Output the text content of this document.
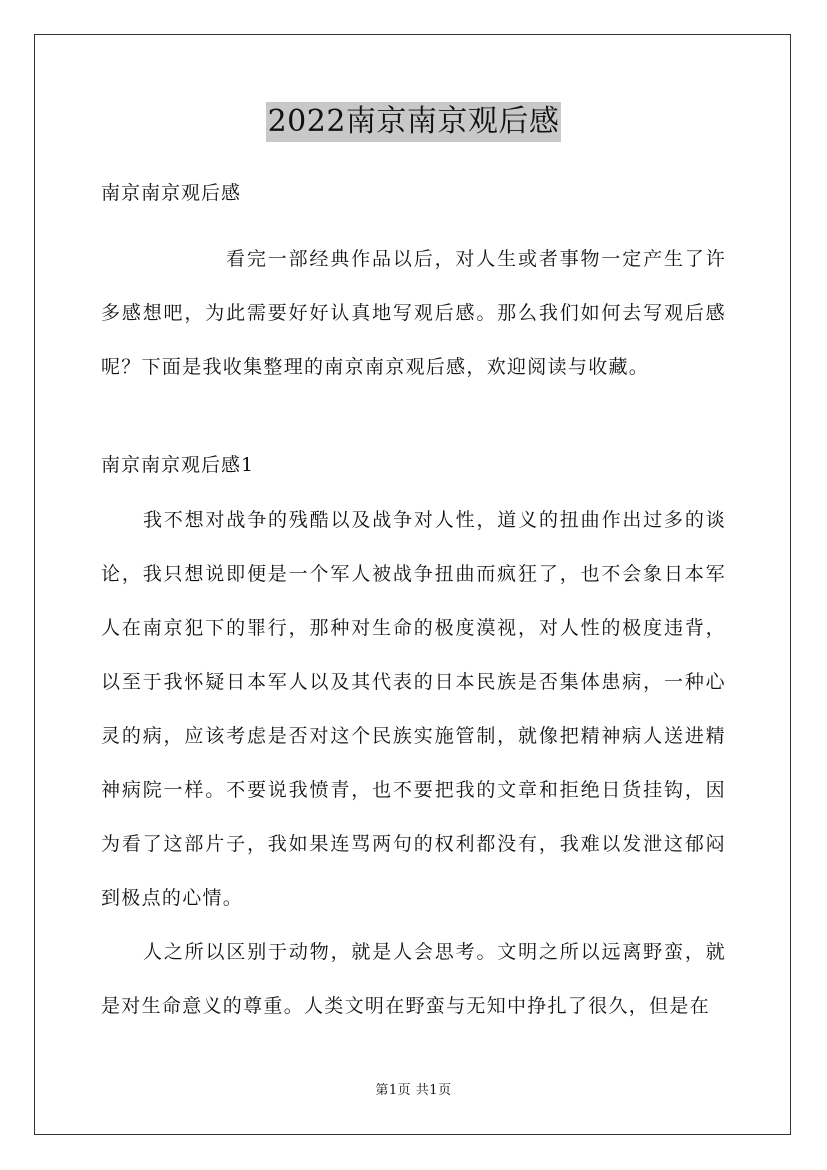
2022南京南京观后感
南京南京观后感
看完一部经典作品以后，对人生或者事物一定产生了许多感想吧，为此需要好好认真地写观后感。那么我们如何去写观后感呢？下面是我收集整理的南京南京观后感，欢迎阅读与收藏。
南京南京观后感1

我不想对战争的残酷以及战争对人性，道义的扭曲作出过多的谈论，我只想说即便是一个军人被战争扭曲而疯狂了，也不会象日本军人在南京犯下的罪行，那种对生命的极度漠视，对人性的极度违背，以至于我怀疑日本军人以及其代表的日本民族是否集体患病，一种心灵的病，应该考虑是否对这个民族实施管制，就像把精神病人送进精神病院一样。不要说我愤青，也不要把我的文章和拒绝日货挂钩，因为看了这部片子，我如果连骂两句的权利都没有，我难以发泄这郁闷到极点的心情。

人之所以区别于动物，就是人会思考。文明之所以远离野蛮，就是对生命意义的尊重。人类文明在野蛮与无知中挣扎了很久，但是在

第1页 共1页
